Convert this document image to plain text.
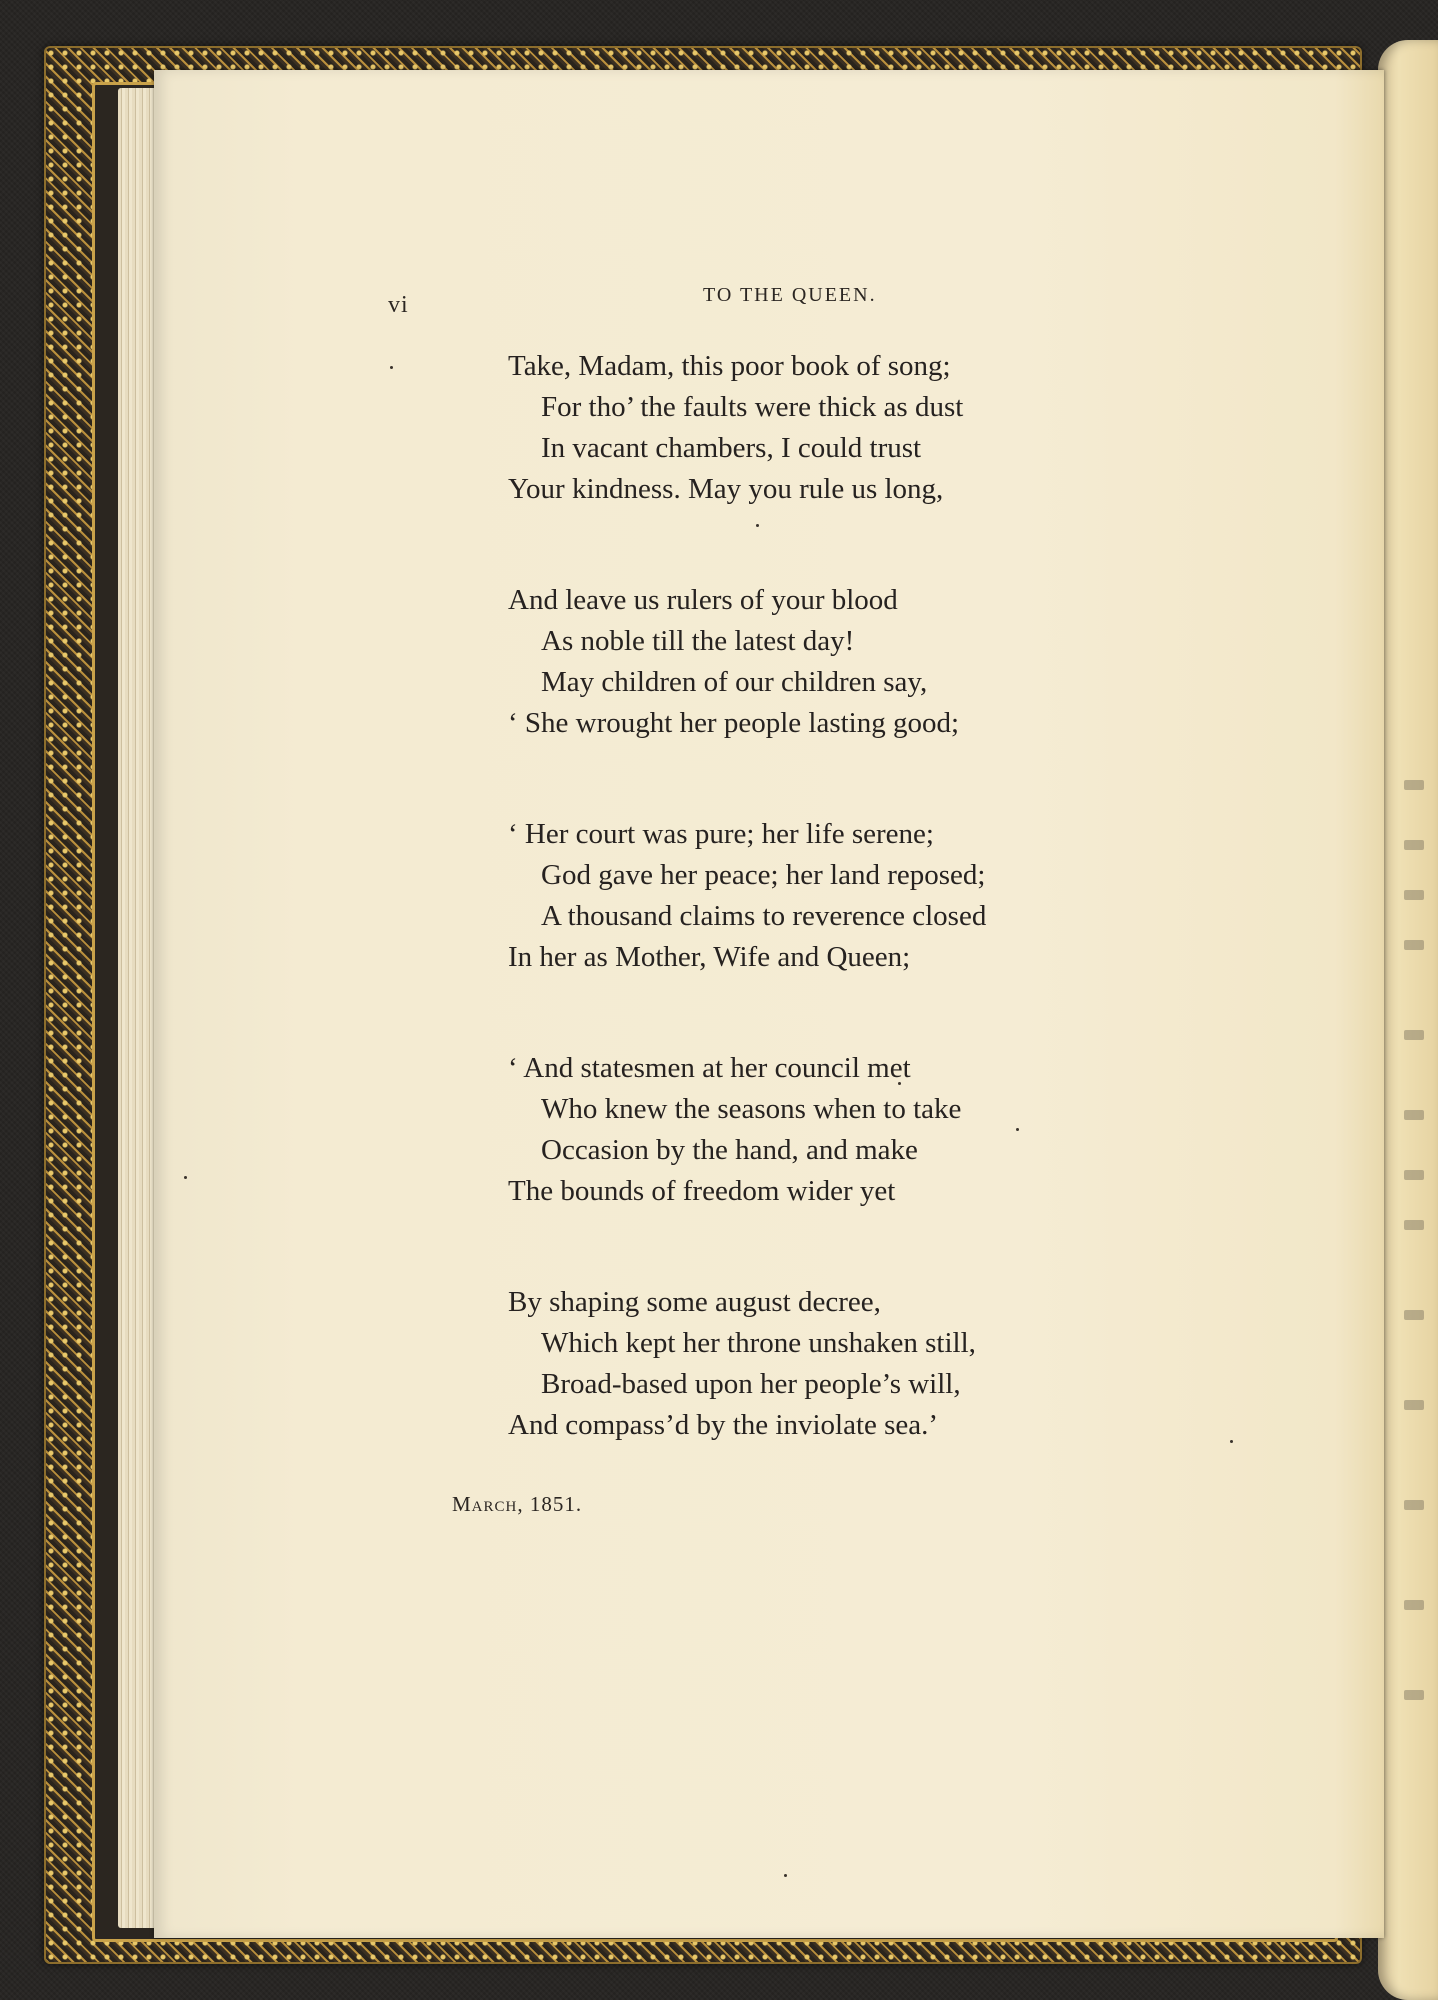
vi	TO THE QUEEN.
Take, Madam, this poor book of song;
For tho’ the faults were thick as dust
In vacant chambers, I could trust
Your kindness. May you rule us long,
And leave us rulers of your blood
As noble till the latest day!
May children of our children say,
‘ She wrought her people lasting good;
‘ Her court was pure; her life serene;
God gave her peace; her land reposed;
A thousand claims to reverence closed
In her as Mother, Wife and Queen;
‘ And statesmen at her council met
Who knew the seasons when to take
Occasion by the hand, and make
The bounds of freedom wider yet
By shaping some august decree,
Which kept her throne unshaken still,
Broad-based upon her people’s will,
And compass’d by the inviolate sea.’
March, 1851.
